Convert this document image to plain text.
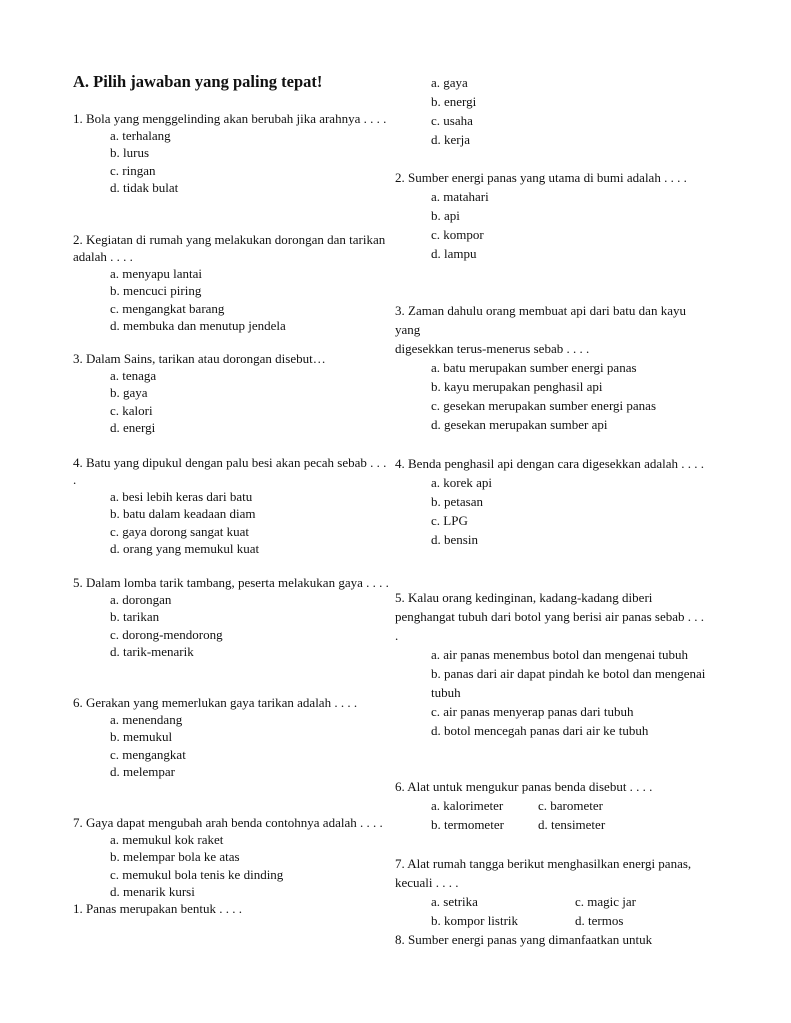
A. Pilih jawaban yang paling tepat!

1. Bola yang menggelinding akan berubah jika arahnya . . . .

a. terhalang
b. lurus
c. ringan
d. tidak bulat

2. Kegiatan di rumah yang melakukan dorongan dan tarikan adalah . . . .

a. menyapu lantai
b. mencuci piring
c. mengangkat barang
d. membuka dan menutup jendela

3. Dalam Sains, tarikan atau dorongan disebut…

a. tenaga
b. gaya
c. kalori
d. energi

4. Batu yang dipukul dengan palu besi akan pecah sebab . . . .

a. besi lebih keras dari batu
b. batu dalam keadaan diam
c. gaya dorong sangat kuat
d. orang yang memukul kuat

5. Dalam lomba tarik tambang, peserta melakukan gaya . . . .

a. dorongan
b. tarikan
c. dorong-mendorong
d. tarik-menarik

6. Gerakan yang memerlukan gaya tarikan adalah . . . .

a. menendang
b. memukul
c. mengangkat
d. melempar

7. Gaya dapat mengubah arah benda contohnya adalah . . . .

a. memukul kok raket
b. melempar bola ke atas
c. memukul bola tenis ke dinding
d. menarik kursi

1. Panas merupakan bentuk . . . .

a. gaya
b. energi
c. usaha
d. kerja

2. Sumber energi panas yang utama di bumi adalah . . . .

a. matahari
b. api
c. kompor
d. lampu

3. Zaman dahulu orang membuat api dari batu dan kayu yang

digesekkan terus-menerus sebab . . . .

a. batu merupakan sumber energi panas
b. kayu merupakan penghasil api
c. gesekan merupakan sumber energi panas
d. gesekan merupakan sumber api

4. Benda penghasil api dengan cara digesekkan adalah . . . .

a. korek api
b. petasan
c. LPG
d. bensin

5. Kalau orang kedinginan, kadang-kadang diberi penghangat tubuh dari botol yang berisi air panas sebab . . . .

a. air panas menembus botol dan mengenai tubuh
b. panas dari air dapat pindah ke botol dan mengenai tubuh
c. air panas menyerap panas dari tubuh
d. botol mencegah panas dari air ke tubuh

6. Alat untuk mengukur panas benda disebut . . . .

a. kalorimeter	c. barometer
b. termometer	d. tensimeter

7. Alat rumah tangga berikut menghasilkan energi panas, kecuali . . . .

a. setrika	c. magic jar
b. kompor listrik	d. termos

8. Sumber energi panas yang dimanfaatkan untuk
